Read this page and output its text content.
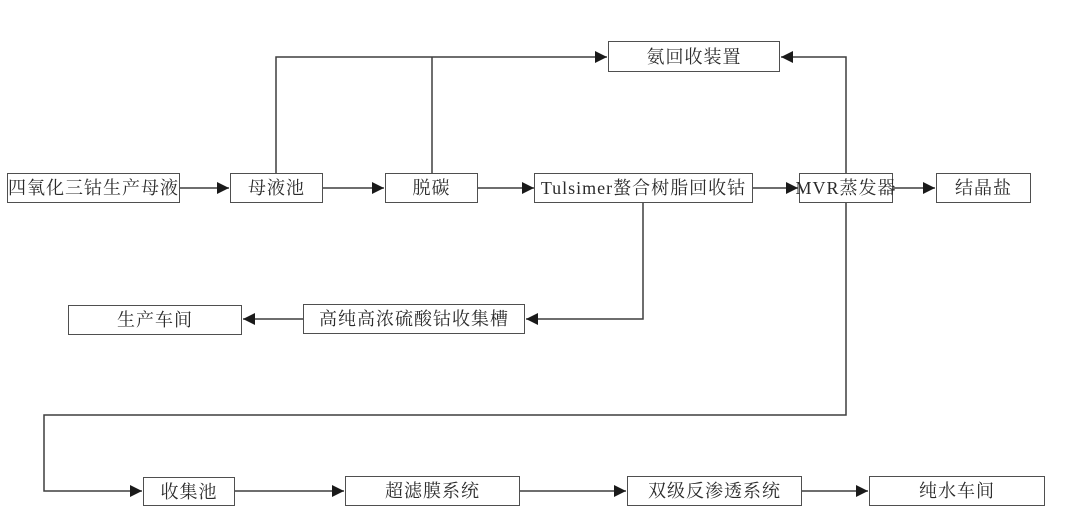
四氧化三钴生产母液	母液池	脱碳	Tulsimer螯合树脂回收钴	MVR蒸发器	结晶盐
氨回收装置
生产车间	高纯高浓硫酸钴收集槽
收集池	超滤膜系统	双级反渗透系统	纯水车间
